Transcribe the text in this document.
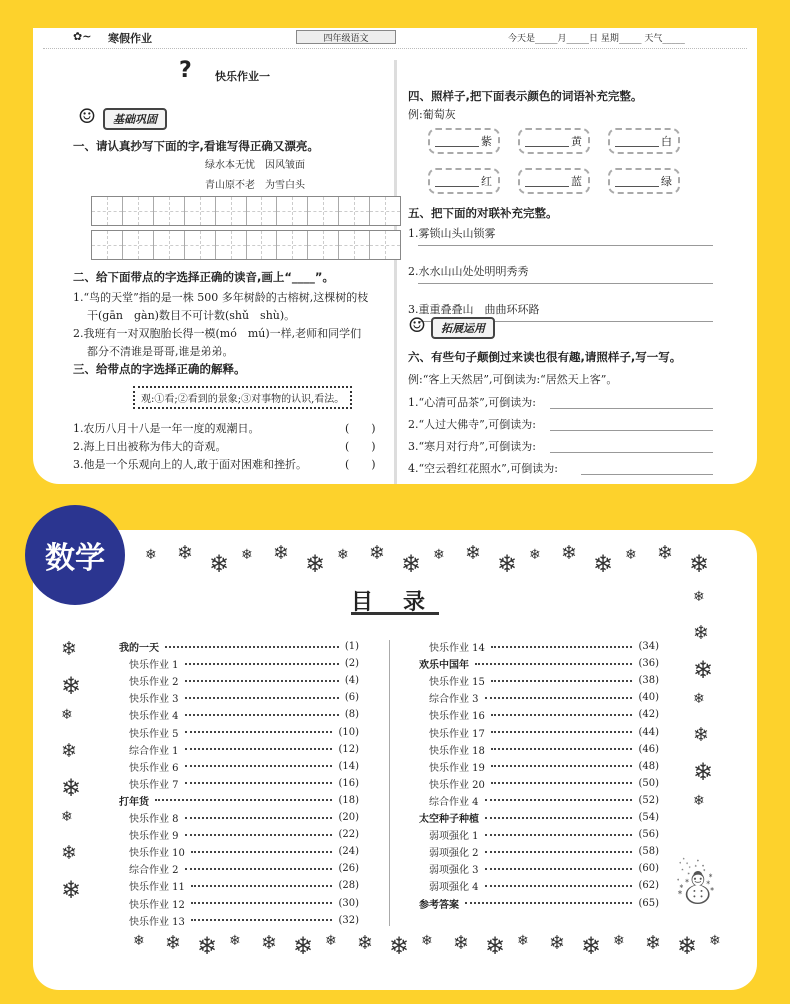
✿~ 寒假作业	四年级语文	今天是_____月_____日 星期_____ 天气_____
? 快乐作业一
☺	基础巩固
一、请认真抄写下面的字,看谁写得正确又漂亮。
绿水本无忧　因风皱面
青山原不老　为雪白头
二、给下面带点的字选择正确的读音,画上“____”。
1.“鸟的天堂”指的是一株 500 多年树龄的古榕树,这棵树的枝
干(gān　gàn)数目不可计数(shǔ　shù)。
2.我班有一对双胞胎长得一模(mó　mú)一样,老师和同学们
都分不清谁是哥哥,谁是弟弟。
三、给带点的字选择正确的解释。
观:①看;②看到的景象;③对事物的认识,看法。
1.农历八月十八是一年一度的观潮日。	(　　)
2.海上日出被称为伟大的奇观。	(　　)
3.他是一个乐观向上的人,敢于面对困难和挫折。	(　　)
四、照样子,把下面表示颜色的词语补充完整。
例:葡萄灰
紫	黄	白
红	蓝	绿
五、把下面的对联补充完整。
1.雾锁山头山锁雾
2.水水山山处处明明秀秀
3.重重叠叠山　曲曲环环路
☺	拓展运用
六、有些句子颠倒过来读也很有趣,请照样子,写一写。
例:“客上天然居”,可倒读为:“居然天上客”。
1.“心清可品茶”,可倒读为:
2.“人过大佛寺”,可倒读为:
3.“寒月对行舟”,可倒读为:
4.“空云碧红花照水”,可倒读为:
❄ ❄ ❄ ❄ ❄ ❄ ❄ ❄ ❄ ❄ ❄ ❄ ❄ ❄ ❄ ❄ ❄ ❄
❄ ❄ ❄ ❄ ❄ ❄ ❄ ❄ ❄ ❄ ❄ ❄ ❄ ❄ ❄ ❄ ❄ ❄ ❄
❄
❄
❄
❄
❄
❄
❄
❄
❄
❄
❄
❄
❄
❄
❄
目　录
我的一天	(1)
快乐作业 1	(2)
快乐作业 2	(4)
快乐作业 3	(6)
快乐作业 4	(8)
快乐作业 5	(10)
综合作业 1	(12)
快乐作业 6	(14)
快乐作业 7	(16)
打年货	(18)
快乐作业 8	(20)
快乐作业 9	(22)
快乐作业 10	(24)
综合作业 2	(26)
快乐作业 11	(28)
快乐作业 12	(30)
快乐作业 13	(32)
快乐作业 14	(34)
欢乐中国年	(36)
快乐作业 15	(38)
综合作业 3	(40)
快乐作业 16	(42)
快乐作业 17	(44)
快乐作业 18	(46)
快乐作业 19	(48)
快乐作业 20	(50)
综合作业 4	(52)
太空种子种植	(54)
弱项强化 1	(56)
弱项强化 2	(58)
弱项强化 3	(60)
弱项强化 4	(62)
参考答案	(65) ☃
数学
